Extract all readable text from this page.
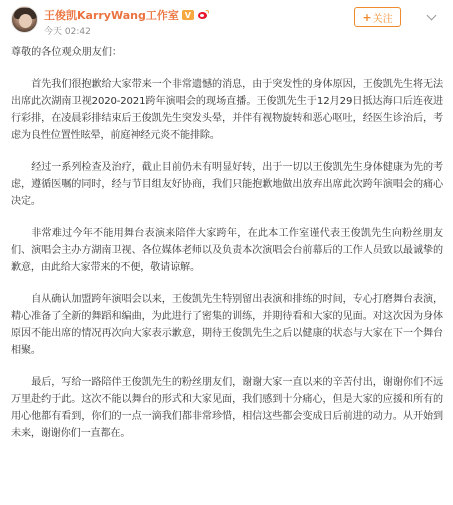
王俊凯KarryWang工作室 V
今天 02:42
+ 关注

尊敬的各位观众朋友们：

首先我们很抱歉给大家带来一个非常遗憾的消息，由于突发性的身体原因，王俊凯先生将无法出席此次湖南卫视2020-2021跨年演唱会的现场直播。王俊凯先生于12月29日抵达海口后连夜进行彩排，在凌晨彩排结束后王俊凯先生突发头晕，并伴有视物旋转和恶心呕吐，经医生诊治后，考虑为良性位置性眩晕，前庭神经元炎不能排除。

经过一系列检查及治疗，截止目前仍未有明显好转，出于一切以王俊凯先生身体健康为先的考虑，遵循医嘱的同时，经与节目组友好协商，我们只能抱歉地做出放弃出席此次跨年演唱会的痛心决定。

非常难过今年不能用舞台表演来陪伴大家跨年，在此本工作室谨代表王俊凯先生向粉丝朋友们、演唱会主办方湖南卫视、各位媒体老师以及负责本次演唱会台前幕后的工作人员致以最诚挚的歉意，由此给大家带来的不便，敬请谅解。

自从确认加盟跨年演唱会以来，王俊凯先生特别留出表演和排练的时间，专心打磨舞台表演，精心准备了全新的舞蹈和编曲，为此进行了密集的训练，并期待看和大家的见面。对这次因为身体原因不能出席的情况再次向大家表示歉意，期待王俊凯先生之后以健康的状态与大家在下一个舞台相聚。

最后，写给一路陪伴王俊凯先生的粉丝朋友们，谢谢大家一直以来的辛苦付出，谢谢你们不远万里赴约于此。这次不能以舞台的形式和大家见面，我们感到十分痛心，但是大家的应援和所有的用心他都有看到，你们的一点一滴我们都非常珍惜，相信这些都会变成日后前进的动力。从开始到未来，谢谢你们一直都在。
